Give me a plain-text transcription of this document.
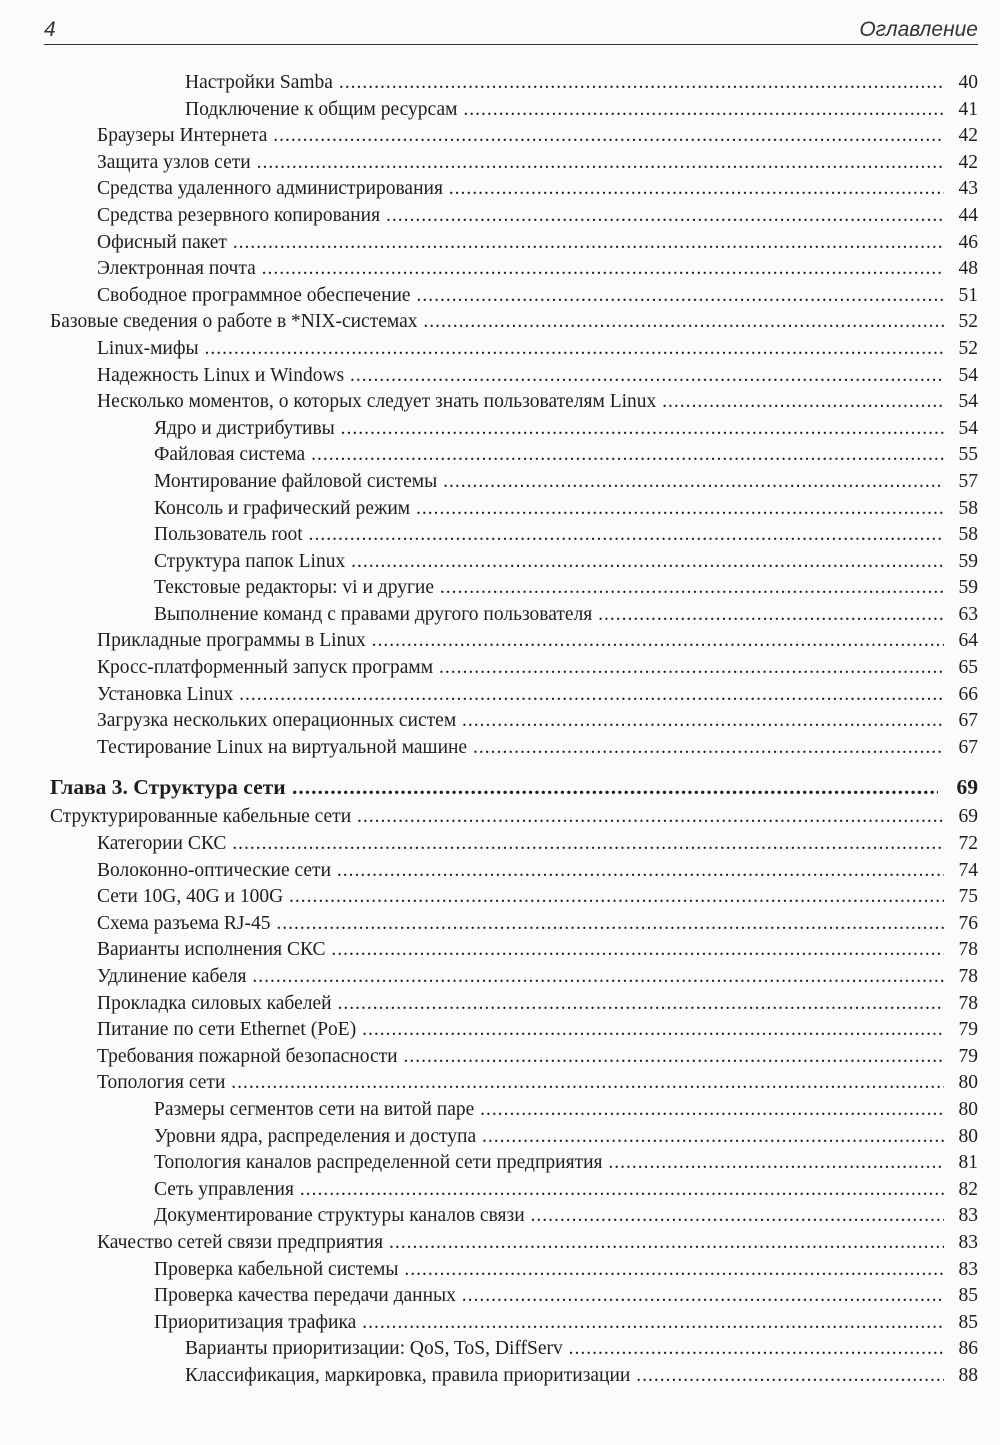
4	Оглавление
Настройки Samba .....	40
Подключение к общим ресурсам .....	41
Браузеры Интернета .....	42
Защита узлов сети .....	42
Средства удаленного администрирования .....	43
Средства резервного копирования .....	44
Офисный пакет .....	46
Электронная почта .....	48
Свободное программное обеспечение .....	51
Базовые сведения о работе в *NIX-системах .....	52
Linux-мифы .....	52
Надежность Linux и Windows .....	54
Несколько моментов, о которых следует знать пользователям Linux .....	54
Ядро и дистрибутивы .....	54
Файловая система .....	55
Монтирование файловой системы .....	57
Консоль и графический режим .....	58
Пользователь root .....	58
Структура папок Linux .....	59
Текстовые редакторы: vi и другие .....	59
Выполнение команд с правами другого пользователя .....	63
Прикладные программы в Linux .....	64
Кросс-платформенный запуск программ .....	65
Установка Linux .....	66
Загрузка нескольких операционных систем .....	67
Тестирование Linux на виртуальной машине .....	67
Глава 3. Структура сети .....	69
Структурированные кабельные сети .....	69
Категории СКС .....	72
Волоконно-оптические сети .....	74
Сети 10G, 40G и 100G .....	75
Схема разъема RJ-45 .....	76
Варианты исполнения СКС .....	78
Удлинение кабеля .....	78
Прокладка силовых кабелей .....	78
Питание по сети Ethernet (PoE) .....	79
Требования пожарной безопасности .....	79
Топология сети .....	80
Размеры сегментов сети на витой паре .....	80
Уровни ядра, распределения и доступа .....	80
Топология каналов распределенной сети предприятия .....	81
Сеть управления .....	82
Документирование структуры каналов связи .....	83
Качество сетей связи предприятия .....	83
Проверка кабельной системы .....	83
Проверка качества передачи данных .....	85
Приоритизация трафика .....	85
Варианты приоритизации: QoS, ToS, DiffServ .....	86
Классификация, маркировка, правила приоритизации .....	88
